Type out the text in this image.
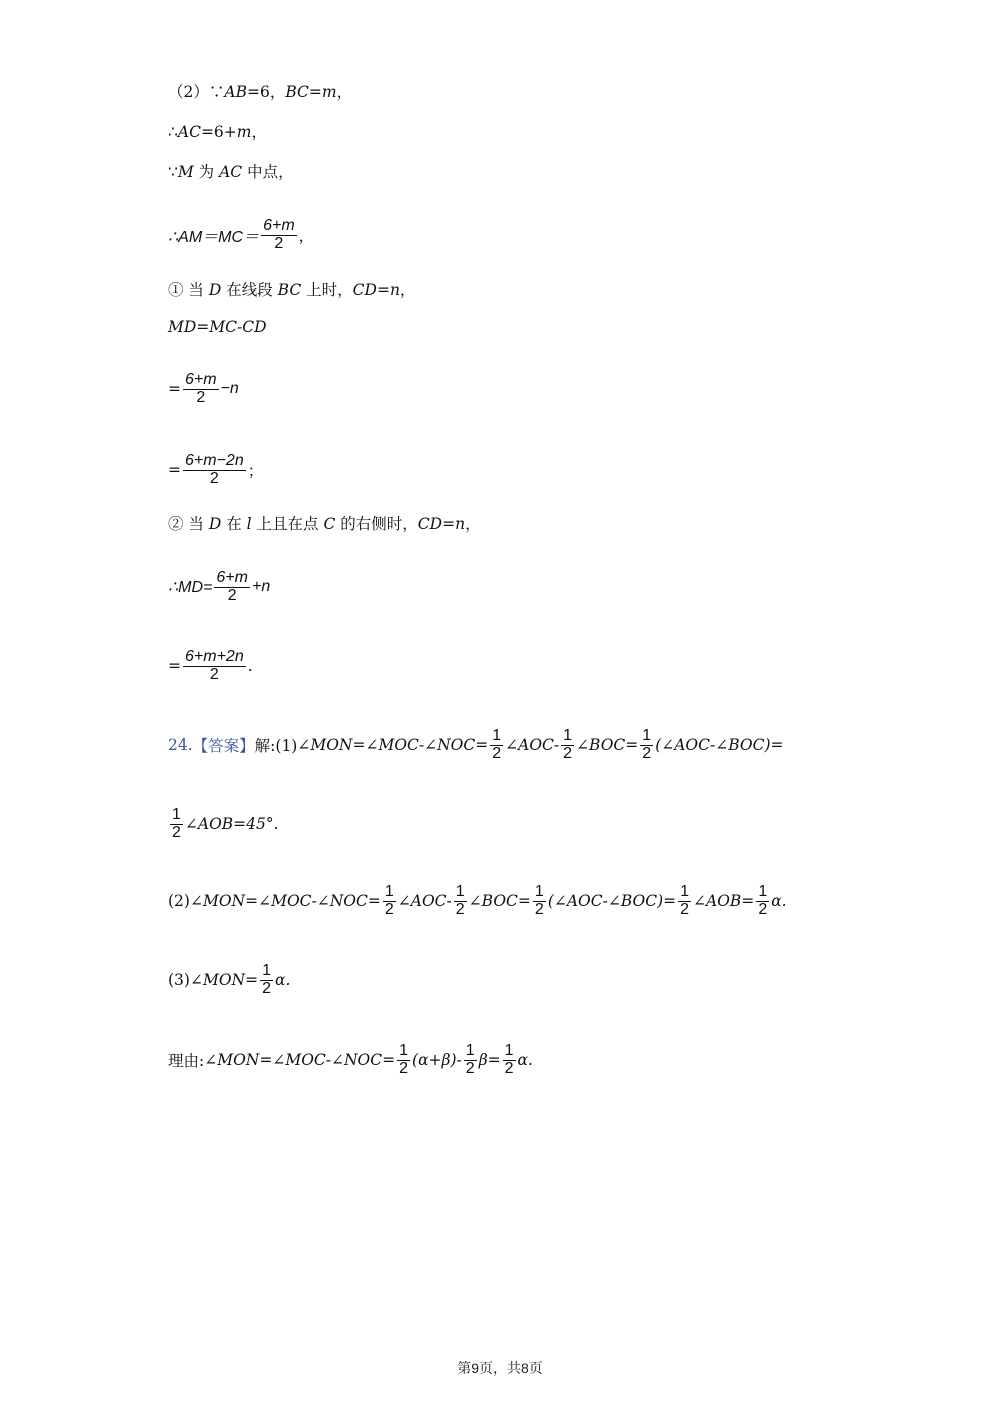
（2）∵AB=6，BC=m，
∴AC=6+m，
∵M 为 AC 中点，
∴AM＝MC＝ $\frac{6+m}{2}$ ，
① 当 D 在线段 BC 上时，CD=n，
MD=MC-CD
= $\frac{6+m}{2} -n$
= $\frac{6+m-2n}{2}$ ；
② 当 D 在 l 上且在点 C 的右侧时，CD=n，
∴MD= $\frac{6+m}{2} +n$
= $\frac{6+m+2n}{2}$ .
24. 【答案】 解:(1) ∠MON=∠MOC-∠NOC= $\frac{1}{2}$ ∠AOC- $\frac{1}{2}$ ∠BOC= $\frac{1}{2}$ (∠AOC-∠BOC)=
$\frac{1}{2}$ ∠AOB=45°.
(2) ∠MON=∠MOC-∠NOC= $\frac{1}{2}$ ∠AOC- $\frac{1}{2}$ ∠BOC= $\frac{1}{2}$ (∠AOC-∠BOC)= $\frac{1}{2}$ ∠AOB= $\frac{1}{2} \alpha$.
(3) ∠MON= $\frac{1}{2} \alpha$.
理由: ∠MON=∠MOC-∠NOC= $\frac{1}{2} (\alpha+\beta)- \frac{1}{2} \beta= \frac{1}{2} \alpha$.
第9页，共8页
